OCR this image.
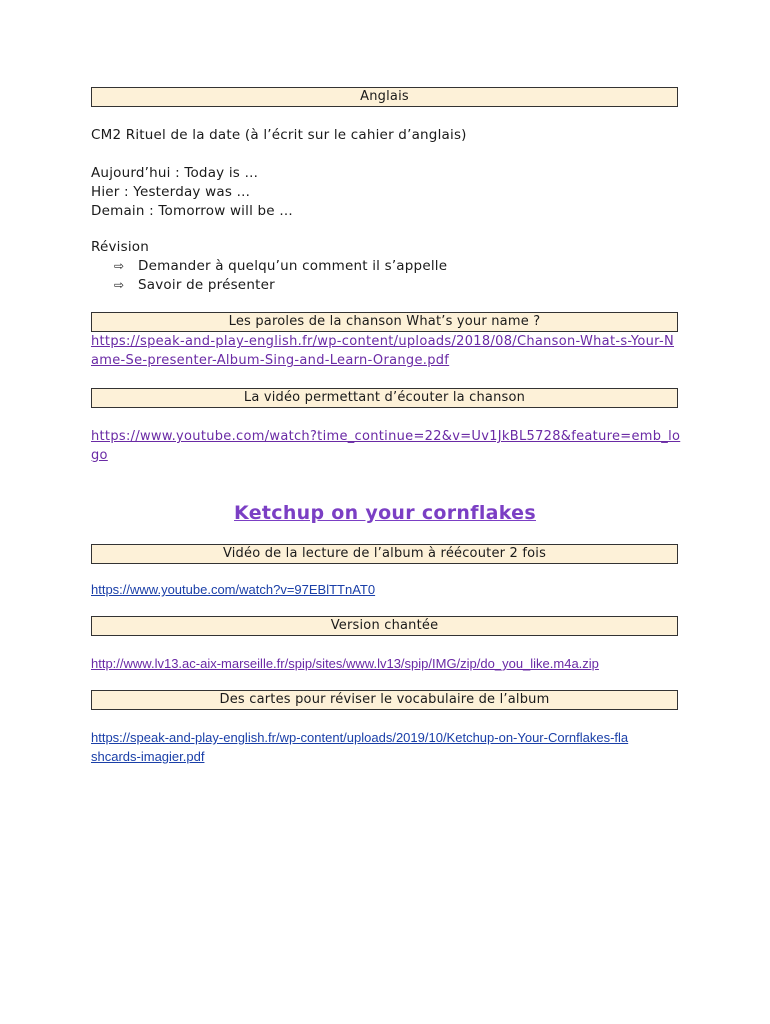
Anglais
CM2 Rituel de la date (à l’écrit sur le cahier d’anglais)
Aujourd’hui : Today is …
Hier : Yesterday was …
Demain : Tomorrow will be …
Révision
⇨ Demander à quelqu’un comment il s’appelle
⇨ Savoir de présenter
Les paroles de la chanson What’s your name ?
https://speak-and-play-english.fr/wp-content/uploads/2018/08/Chanson-What-s-Your-Name-Se-presenter-Album-Sing-and-Learn-Orange.pdf
La vidéo permettant d’écouter la chanson
https://www.youtube.com/watch?time_continue=22&v=Uv1JkBL5728&feature=emb_logo
Ketchup on your cornflakes
Vidéo de la lecture de l’album à réécouter 2 fois
https://www.youtube.com/watch?v=97EBlTTnAT0
Version chantée
http://www.lv13.ac-aix-marseille.fr/spip/sites/www.lv13/spip/IMG/zip/do_you_like.m4a.zip
Des cartes pour réviser le vocabulaire de l’album
https://speak-and-play-english.fr/wp-content/uploads/2019/10/Ketchup-on-Your-Cornflakes-flashcards-imagier.pdf
